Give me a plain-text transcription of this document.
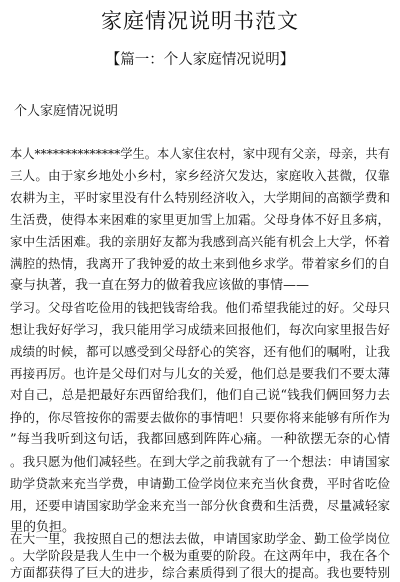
家庭情况说明书范文
【篇一：个人家庭情况说明】
个人家庭情况说明
本人**************学生。本人家住农村，家中现有父亲，母亲，共有
三人。由于家乡地处小乡村，家乡经济欠发达，家庭收入甚微，仅靠
农耕为主，平时家里没有什么特别经济收入，大学期间的高额学费和
生活费，使得本来困难的家里更加雪上加霜。父母身体不好且多病，
家中生活困难。我的亲朋好友都为我感到高兴能有机会上大学，怀着
满腔的热情，我离开了我钟爱的故土来到他乡求学。带着家乡们的自
豪与执著，我一直在努力的做着我应该做的事情——
学习。父母省吃俭用的钱把钱寄给我。他们希望我能过的好。父母只
想让我好好学习，我只能用学习成绩来回报他们，每次向家里报告好
成绩的时候，都可以感受到父母舒心的笑容，还有他们的嘱咐，让我
再接再厉。也许是父母们对与儿女的关爱，他们总是要我们不要太薄
对自己，总是把最好东西留给我们，他们自己说“钱我们俩回努力去
挣的，你尽管按你的需要去做你的事情吧！只要你将来能够有所作为
”每当我听到这句话，我都回感到阵阵心痛。一种欲摆无奈的心情
。我只愿为他们减轻些。在到大学之前我就有了一个想法：申请国家
助学贷款来充当学费，申请勤工俭学岗位来充当伙食费，平时省吃俭
用，还要申请国家助学金来充当一部分伙食费和生活费，尽量减轻家
里的负担。
在大一里，我按照自己的想法去做，申请国家助学金、勤工俭学岗位
。大学阶段是我人生中一个极为重要的阶段。在这两年中，我在各个
方面都获得了巨大的进步，综合素质得到了很大的提高。我也要特别
